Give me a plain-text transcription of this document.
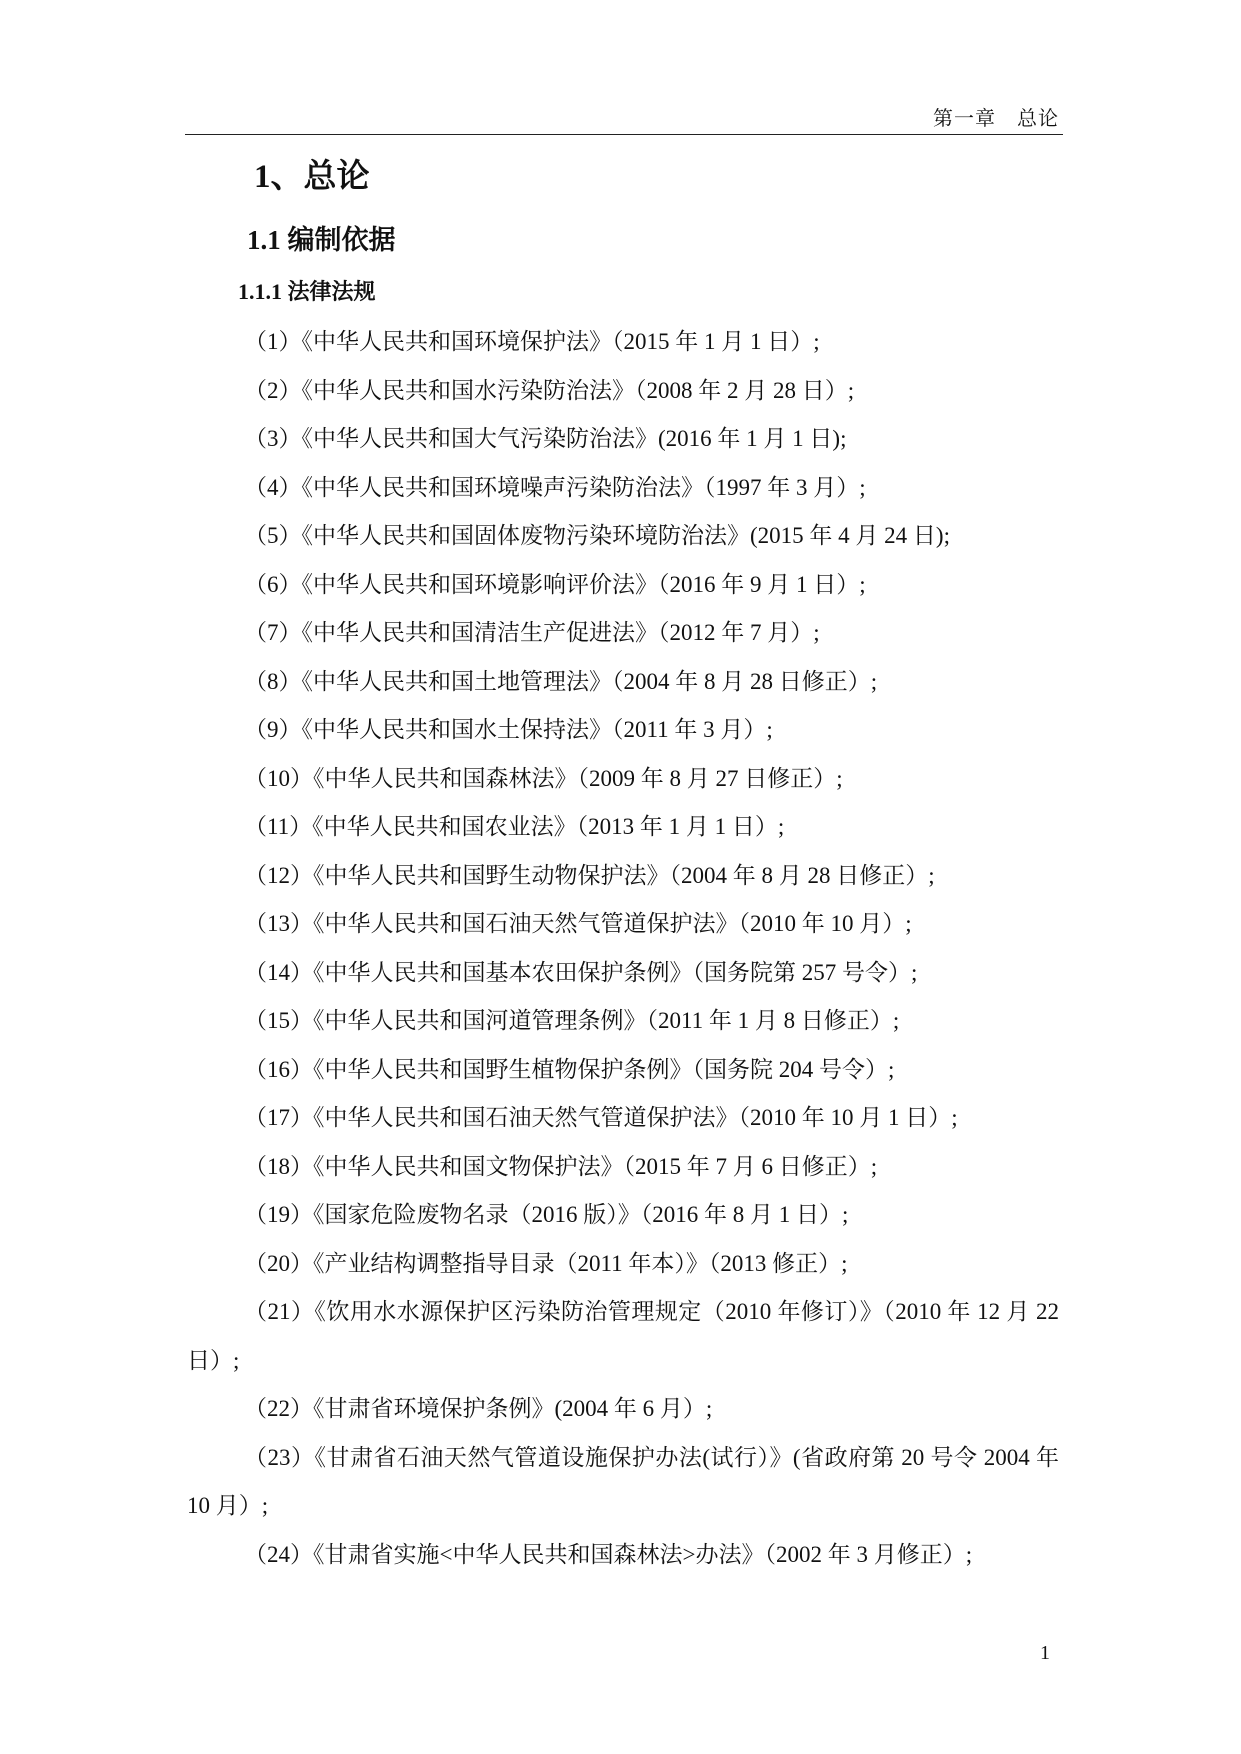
第一章　总论
1、总论
1.1 编制依据
1.1.1 法律法规
（1）《中华人民共和国环境保护法》（2015 年 1 月 1 日）;
（2）《中华人民共和国水污染防治法》（2008 年 2 月 28 日）;
（3）《中华人民共和国大气污染防治法》(2016 年 1 月 1 日);
（4）《中华人民共和国环境噪声污染防治法》（1997 年 3 月）;
（5）《中华人民共和国固体废物污染环境防治法》(2015 年 4 月 24 日);
（6）《中华人民共和国环境影响评价法》（2016 年 9 月 1 日）;
（7）《中华人民共和国清洁生产促进法》（2012 年 7 月）;
（8）《中华人民共和国土地管理法》（2004 年 8 月 28 日修正）;
（9）《中华人民共和国水土保持法》（2011 年 3 月）;
（10）《中华人民共和国森林法》（2009 年 8 月 27 日修正）;
（11）《中华人民共和国农业法》（2013 年 1 月 1 日）;
（12）《中华人民共和国野生动物保护法》（2004 年 8 月 28 日修正）;
（13）《中华人民共和国石油天然气管道保护法》（2010 年 10 月）;
（14）《中华人民共和国基本农田保护条例》（国务院第 257 号令）;
（15）《中华人民共和国河道管理条例》（2011 年 1 月 8 日修正）;
（16）《中华人民共和国野生植物保护条例》（国务院 204 号令）;
（17）《中华人民共和国石油天然气管道保护法》（2010 年 10 月 1 日）;
（18）《中华人民共和国文物保护法》（2015 年 7 月 6 日修正）;
（19）《国家危险废物名录（2016 版）》（2016 年 8 月 1 日）;
（20）《产业结构调整指导目录（2011 年本）》（2013 修正）;
（21）《饮用水水源保护区污染防治管理规定（2010 年修订）》（2010 年 12 月 22 日）;
（22）《甘肃省环境保护条例》(2004 年 6 月）;
（23）《甘肃省石油天然气管道设施保护办法(试行）》(省政府第 20 号令 2004 年 10 月）;
（24）《甘肃省实施<中华人民共和国森林法>办法》（2002 年 3 月修正）;
1
